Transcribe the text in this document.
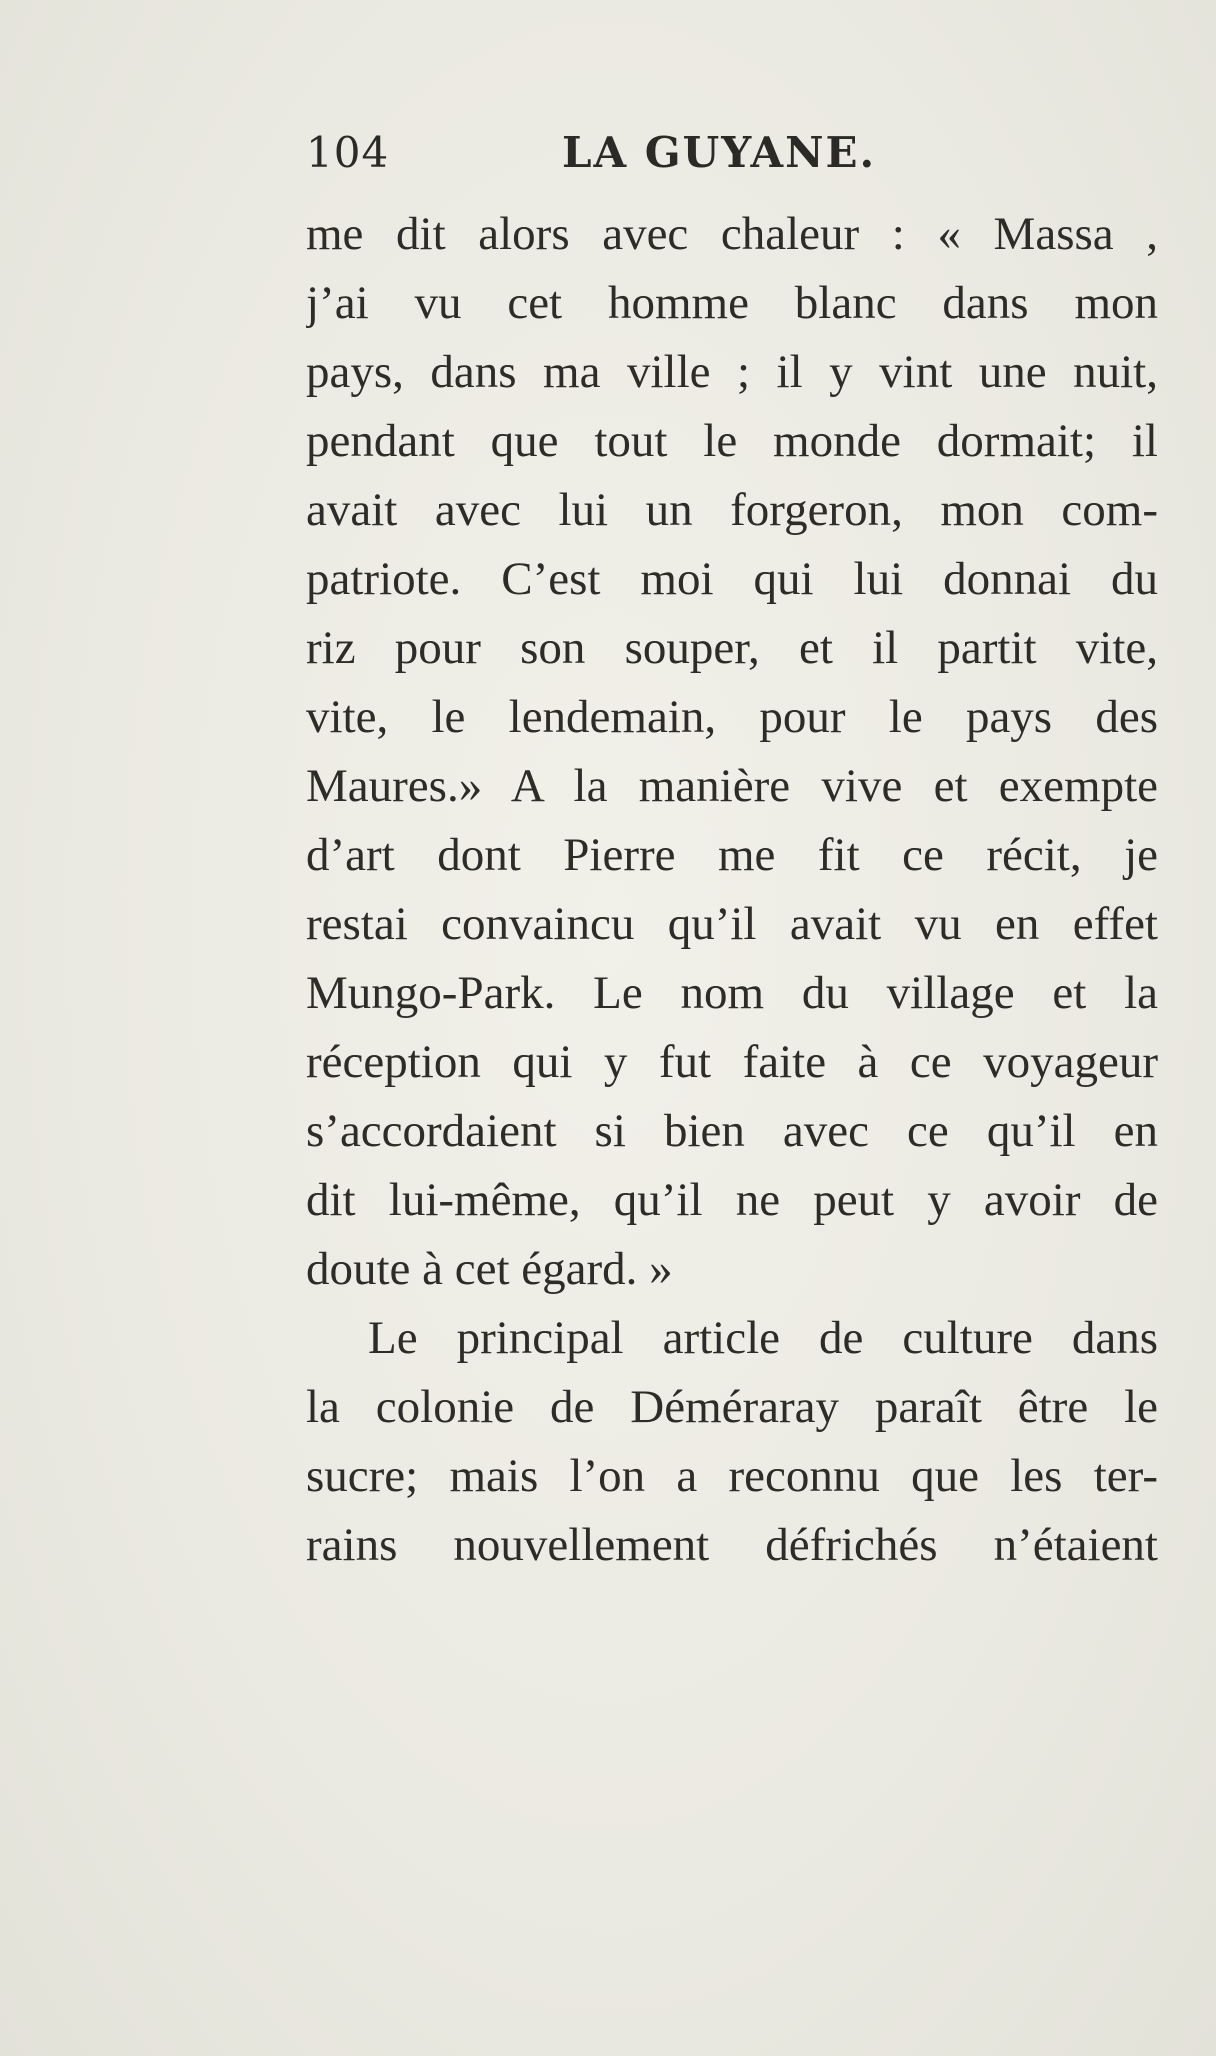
104	LA GUYANE.
me dit alors avec chaleur : « Massa ,
j’ai vu cet homme blanc dans mon
pays, dans ma ville ; il y vint une nuit,
pendant que tout le monde dormait; il
avait avec lui un forgeron, mon com-
patriote. C’est moi qui lui donnai du
riz pour son souper, et il partit vite,
vite, le lendemain, pour le pays des
Maures.» A la manière vive et exempte
d’art dont Pierre me fit ce récit, je
restai convaincu qu’il avait vu en effet
Mungo-Park. Le nom du village et la
réception qui y fut faite à ce voyageur
s’accordaient si bien avec ce qu’il en
dit lui-même, qu’il ne peut y avoir de
doute à cet égard. »
Le principal article de culture dans
la colonie de Déméraray paraît être le
sucre; mais l’on a reconnu que les ter-
rains nouvellement défrichés n’étaient
